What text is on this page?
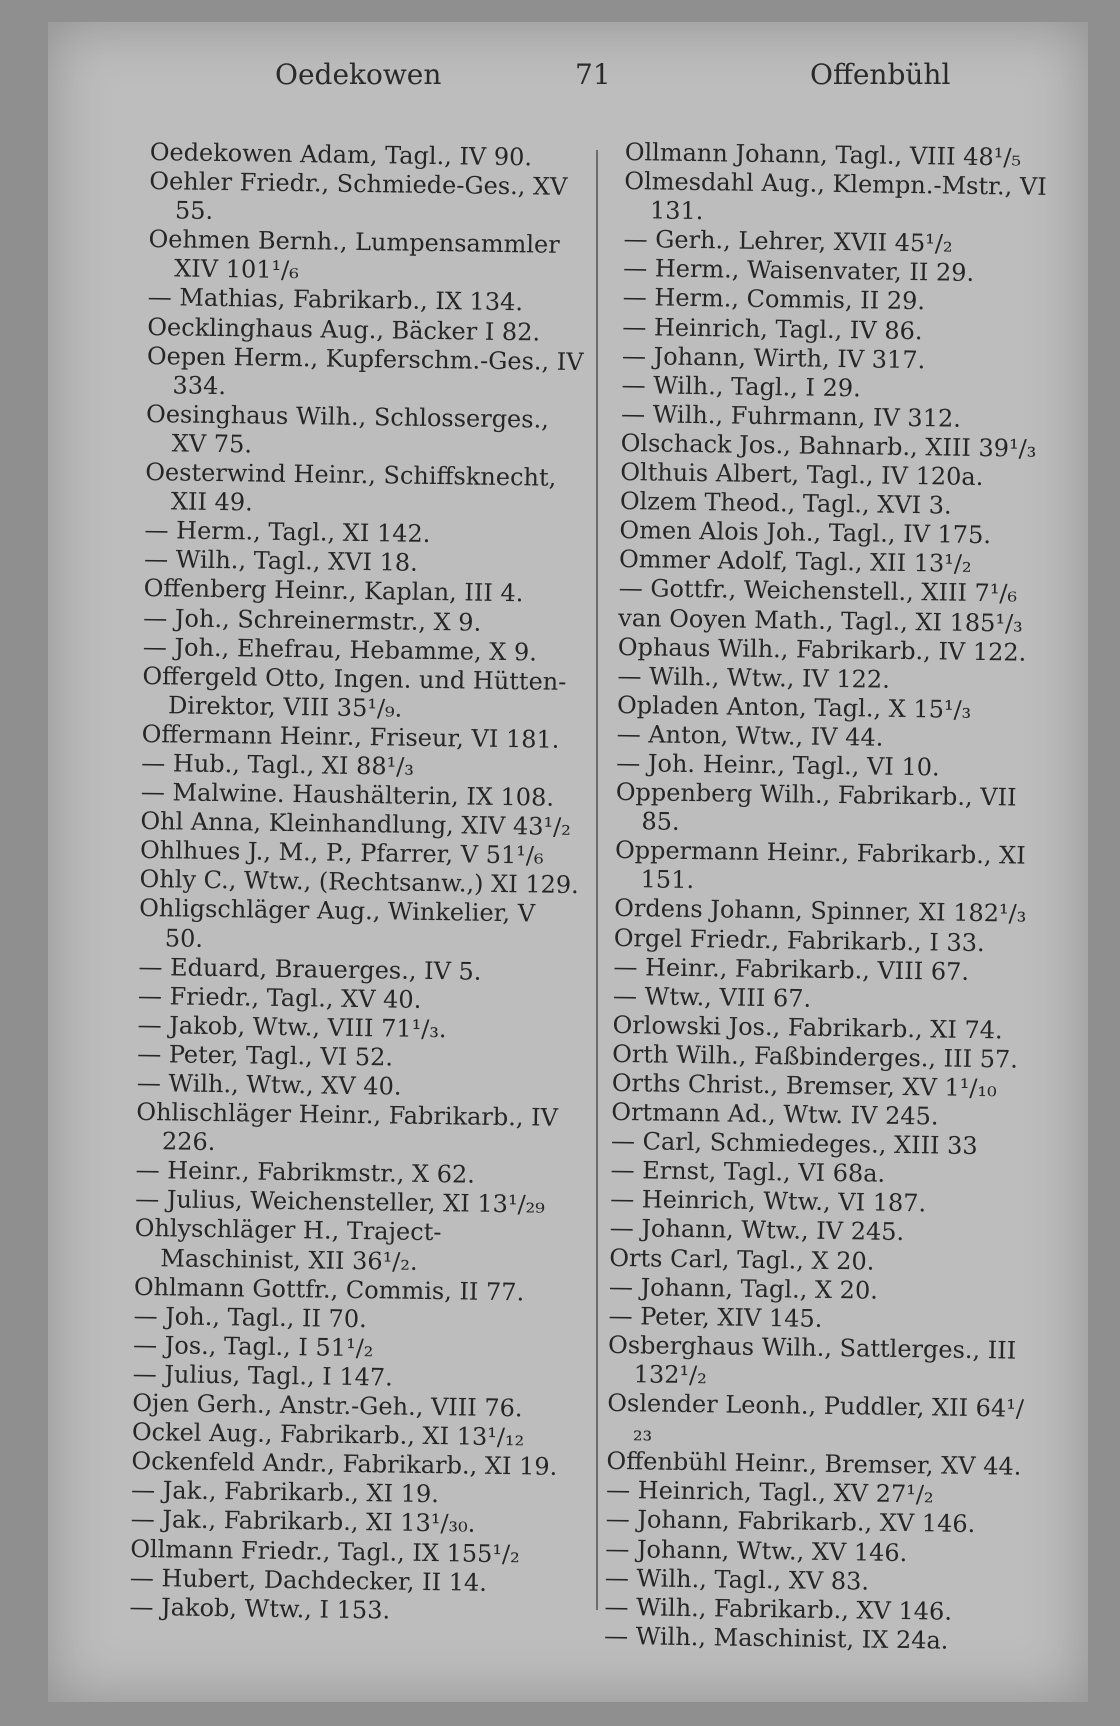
Oedekowen	71	Offenbühl

Oedekowen Adam, Tagl., IV 90.

Oehler Friedr., Schmiede-Ges., XV 55.

Oehmen Bernh., Lumpensammler XIV 101¹/₆

— Mathias, Fabrikarb., IX 134.

Oecklinghaus Aug., Bäcker I 82.

Oepen Herm., Kupferschm.-Ges., IV 334.

Oesinghaus Wilh., Schlosserges., XV 75.

Oesterwind Heinr., Schiffsknecht, XII 49.

— Herm., Tagl., XI 142.

— Wilh., Tagl., XVI 18.

Offenberg Heinr., Kaplan, III 4.

— Joh., Schreinermstr., X 9.

— Joh., Ehefrau, Hebamme, X 9.

Offergeld Otto, Ingen. und Hütten-Direktor, VIII 35¹/₉.

Offermann Heinr., Friseur, VI 181.

— Hub., Tagl., XI 88¹/₃

— Malwine. Haushälterin, IX 108.

Ohl Anna, Kleinhandlung, XIV 43¹/₂

Ohlhues J., M., P., Pfarrer, V 51¹/₆

Ohly C., Wtw., (Rechtsanw.,) XI 129.

Ohligschläger Aug., Winkelier, V 50.

— Eduard, Brauerges., IV 5.

— Friedr., Tagl., XV 40.

— Jakob, Wtw., VIII 71¹/₃.

— Peter, Tagl., VI 52.

— Wilh., Wtw., XV 40.

Ohlischläger Heinr., Fabrikarb., IV 226.

— Heinr., Fabrikmstr., X 62.

— Julius, Weichensteller, XI 13¹/₂₉

Ohlyschläger H., Traject-Maschinist, XII 36¹/₂.

Ohlmann Gottfr., Commis, II 77.

— Joh., Tagl., II 70.

— Jos., Tagl., I 51¹/₂

— Julius, Tagl., I 147.

Ojen Gerh., Anstr.-Geh., VIII 76.

Ockel Aug., Fabrikarb., XI 13¹/₁₂

Ockenfeld Andr., Fabrikarb., XI 19.

— Jak., Fabrikarb., XI 19.

— Jak., Fabrikarb., XI 13¹/₃₀.

Ollmann Friedr., Tagl., IX 155¹/₂

— Hubert, Dachdecker, II 14.

— Jakob, Wtw., I 153.

Ollmann Johann, Tagl., VIII 48¹/₅

Olmesdahl Aug., Klempn.-Mstr., VI 131.

— Gerh., Lehrer, XVII 45¹/₂

— Herm., Waisenvater, II 29.

— Herm., Commis, II 29.

— Heinrich, Tagl., IV 86.

— Johann, Wirth, IV 317.

— Wilh., Tagl., I 29.

— Wilh., Fuhrmann, IV 312.

Olschack Jos., Bahnarb., XIII 39¹/₃

Olthuis Albert, Tagl., IV 120a.

Olzem Theod., Tagl., XVI 3.

Omen Alois Joh., Tagl., IV 175.

Ommer Adolf, Tagl., XII 13¹/₂

— Gottfr., Weichenstell., XIII 7¹/₆

van Ooyen Math., Tagl., XI 185¹/₃

Ophaus Wilh., Fabrikarb., IV 122.

— Wilh., Wtw., IV 122.

Opladen Anton, Tagl., X 15¹/₃

— Anton, Wtw., IV 44.

— Joh. Heinr., Tagl., VI 10.

Oppenberg Wilh., Fabrikarb., VII 85.

Oppermann Heinr., Fabrikarb., XI 151.

Ordens Johann, Spinner, XI 182¹/₃

Orgel Friedr., Fabrikarb., I 33.

— Heinr., Fabrikarb., VIII 67.

— Wtw., VIII 67.

Orlowski Jos., Fabrikarb., XI 74.

Orth Wilh., Faßbinderges., III 57.

Orths Christ., Bremser, XV 1¹/₁₀

Ortmann Ad., Wtw. IV 245.

— Carl, Schmiedeges., XIII 33

— Ernst, Tagl., VI 68a.

— Heinrich, Wtw., VI 187.

— Johann, Wtw., IV 245.

Orts Carl, Tagl., X 20.

— Johann, Tagl., X 20.

— Peter, XIV 145.

Osberghaus Wilh., Sattlerges., III 132¹/₂

Oslender Leonh., Puddler, XII 64¹/₂₃

Offenbühl Heinr., Bremser, XV 44.

— Heinrich, Tagl., XV 27¹/₂

— Johann, Fabrikarb., XV 146.

— Johann, Wtw., XV 146.

— Wilh., Tagl., XV 83.

— Wilh., Fabrikarb., XV 146.

— Wilh., Maschinist, IX 24a.
